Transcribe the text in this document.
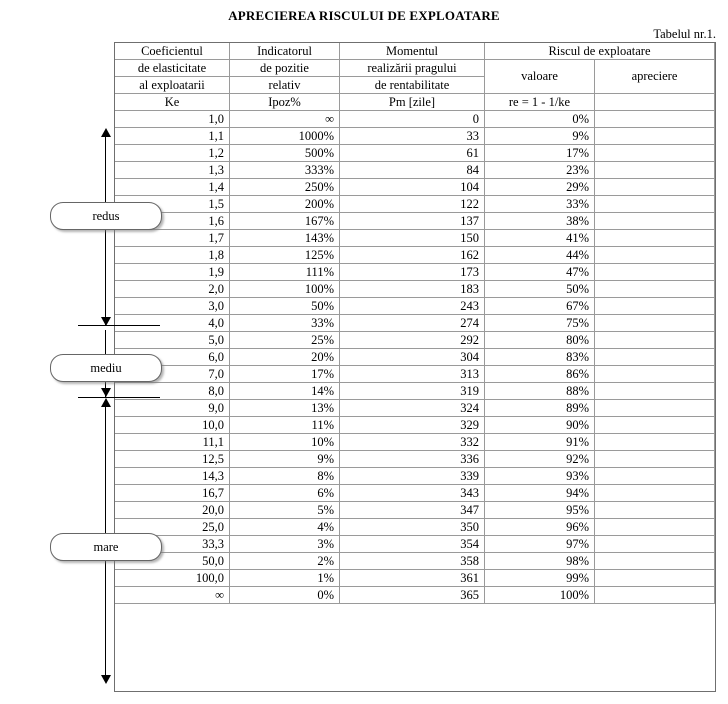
APRECIEREA RISCULUI DE EXPLOATARE
Tabelul nr.1.
Coeficientul	Indicatorul	Momentul	Riscul de exploatare	
de elasticitate	de pozitie	realizării pragului	valoare	apreciere
al exploatarii	relativ	de rentabilitate		
Ke	Ipoz%	Pm [zile]	re = 1 - 1/ke	
1,0	∞	0	0%	
1,1	1000%	33	9%	
1,2	500%	61	17%	
1,3	333%	84	23%	
1,4	250%	104	29%	
1,5	200%	122	33%	
1,6	167%	137	38%	
1,7	143%	150	41%	
1,8	125%	162	44%	
1,9	111%	173	47%	
2,0	100%	183	50%	
3,0	50%	243	67%	
4,0	33%	274	75%	
5,0	25%	292	80%	
6,0	20%	304	83%	
7,0	17%	313	86%	
8,0	14%	319	88%	
9,0	13%	324	89%	
10,0	11%	329	90%	
11,1	10%	332	91%	
12,5	9%	336	92%	
14,3	8%	339	93%	
16,7	6%	343	94%	
20,0	5%	347	95%	
25,0	4%	350	96%	
33,3	3%	354	97%	
50,0	2%	358	98%	
100,0	1%	361	99%	
∞	0%	365	100%	
redus
mediu
mare
